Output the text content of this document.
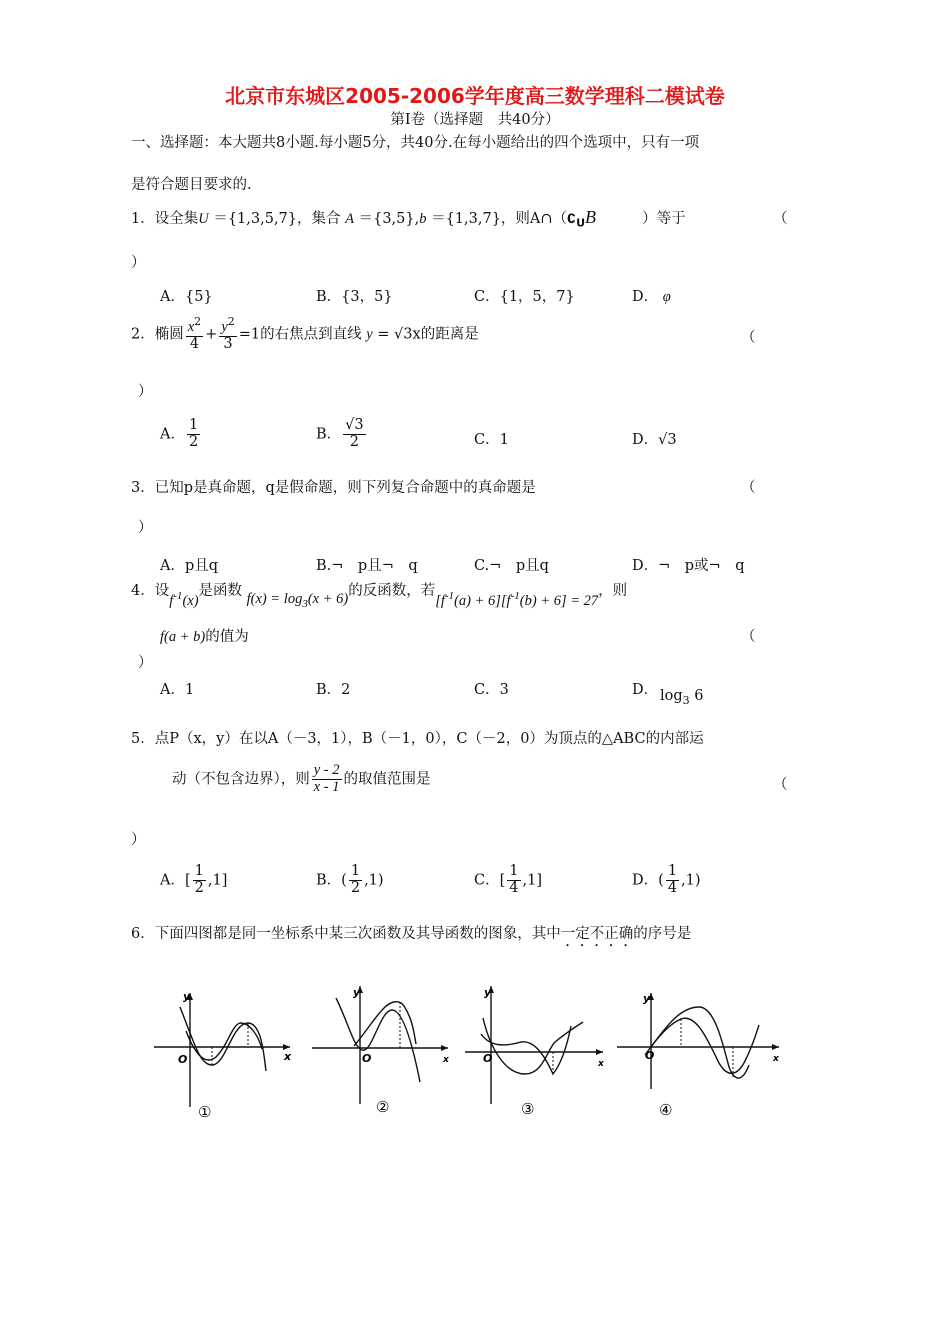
北京市东城区2005-2006学年度高三数学理科二模试卷
第Ⅰ卷（选择题　共40分）
一、选择题：本大题共8小题.每小题5分，共40分.在每小题给出的四个选项中，只有一项
是符合题目要求的.
1．设全集U ＝{1,3,5,7}，集合 A ＝{3,5},b ＝{1,3,7}，则$A\cap(∁_UB$	）等于	（
）
A．{5}	B．{3，5}	C．{1，5，7}	D． φ
2．椭圆 $\frac{x^2}{4} + \frac{y^2}{3} =1$的右焦点到直线 y = √3x的距离是	（
）
A． $\frac{1}{2}$	B． $\frac{√3}{2}$	C．1	D．√3
3．已知p是真命题，q是假命题，则下列复合命题中的真命题是	（
）
A．p且q	B.¬　p且¬　q	C.¬　p且q	D．¬　p或¬　q
4．设$f^{-1}(x)$是函数 $f(x) = \log_3(x + 6)$的反函数，若$[f^{-1}(a) + 6][f^{-1}(b) + 6] = 27$，则
f(a + b)的值为	（
）
A．1	B．2	C．3	D． $\log_3 6$
5．点P（x，y）在以A（－3，1），B（－1，0），C（－2，0）为顶点的△ABC的内部运
动（不包含边界），则 $\frac{y - 2}{x - 1}$ 的取值范围是	（
）
A．[ $\frac{1}{2} ,1$]	B．( $\frac{1}{2} ,1$)	C．[ $\frac{1}{4} ,1$]	D．( $\frac{1}{4} ,1$)
6．下面四图都是同一坐标系中某三次函数及其导函数的图象，其中一定不正确的序号是
y
x
O
①
y
x
O
②
y
x
O
③
y
x
O
④
